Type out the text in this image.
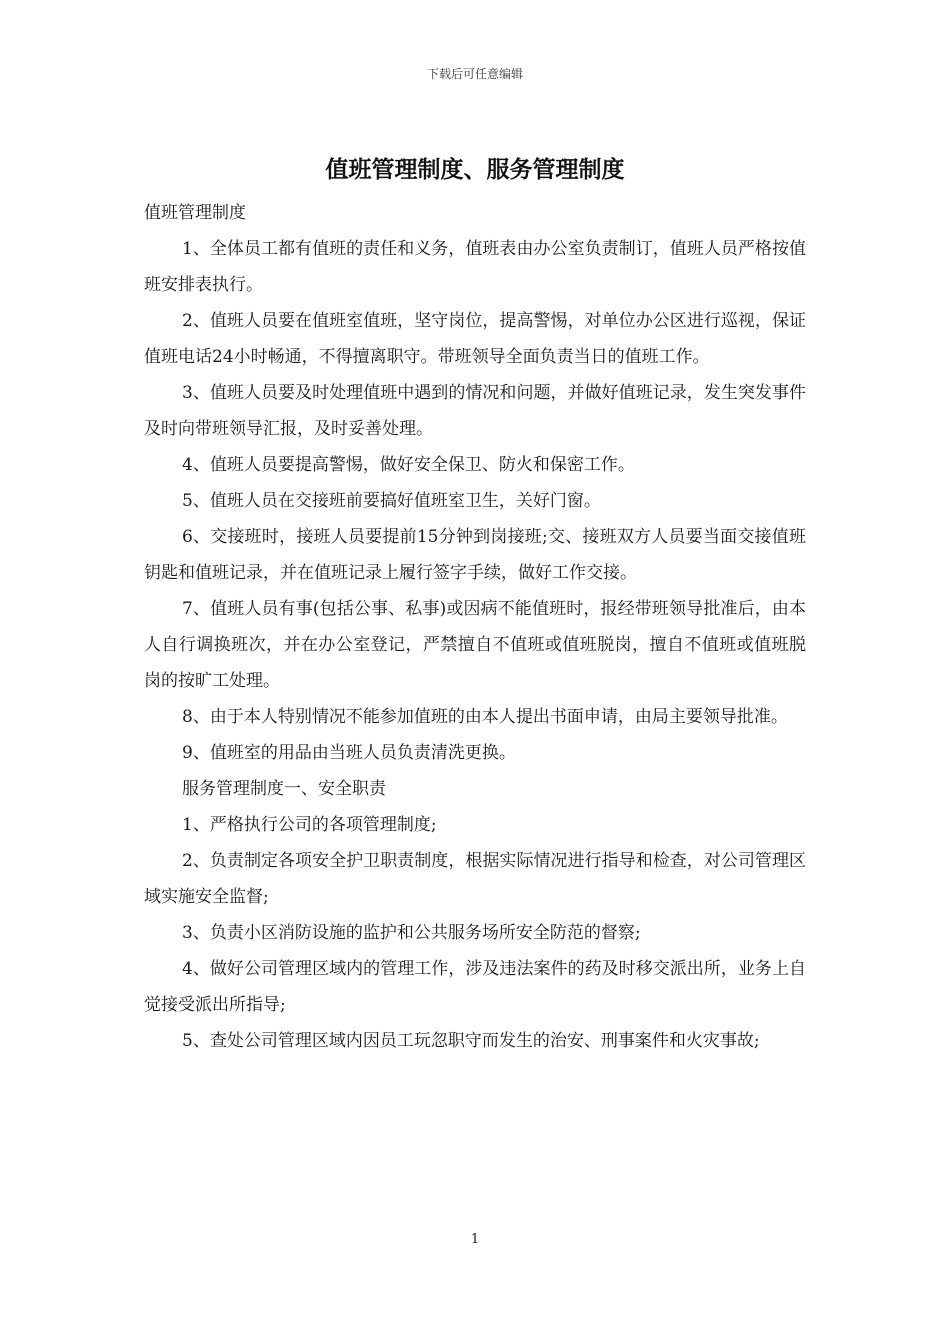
下载后可任意编辑
值班管理制度、服务管理制度

值班管理制度

1、全体员工都有值班的责任和义务，值班表由办公室负责制订，值班人员严格按值班安排表执行。

2、值班人员要在值班室值班，坚守岗位，提高警惕，对单位办公区进行巡视，保证值班电话24小时畅通，不得擅离职守。带班领导全面负责当日的值班工作。

3、值班人员要及时处理值班中遇到的情况和问题，并做好值班记录，发生突发事件及时向带班领导汇报，及时妥善处理。

4、值班人员要提高警惕，做好安全保卫、防火和保密工作。

5、值班人员在交接班前要搞好值班室卫生，关好门窗。

6、交接班时，接班人员要提前15分钟到岗接班;交、接班双方人员要当面交接值班钥匙和值班记录，并在值班记录上履行签字手续，做好工作交接。

7、值班人员有事(包括公事、私事)或因病不能值班时，报经带班领导批准后，由本人自行调换班次，并在办公室登记，严禁擅自不值班或值班脱岗，擅自不值班或值班脱岗的按旷工处理。

8、由于本人特别情况不能参加值班的由本人提出书面申请，由局主要领导批准。

9、值班室的用品由当班人员负责清洗更换。

服务管理制度一、安全职责

1、严格执行公司的各项管理制度;

2、负责制定各项安全护卫职责制度，根据实际情况进行指导和检查，对公司管理区域实施安全监督;

3、负责小区消防设施的监护和公共服务场所安全防范的督察;

4、做好公司管理区域内的管理工作，涉及违法案件的药及时移交派出所，业务上自觉接受派出所指导;

5、查处公司管理区域内因员工玩忽职守而发生的治安、刑事案件和火灾事故;

1
